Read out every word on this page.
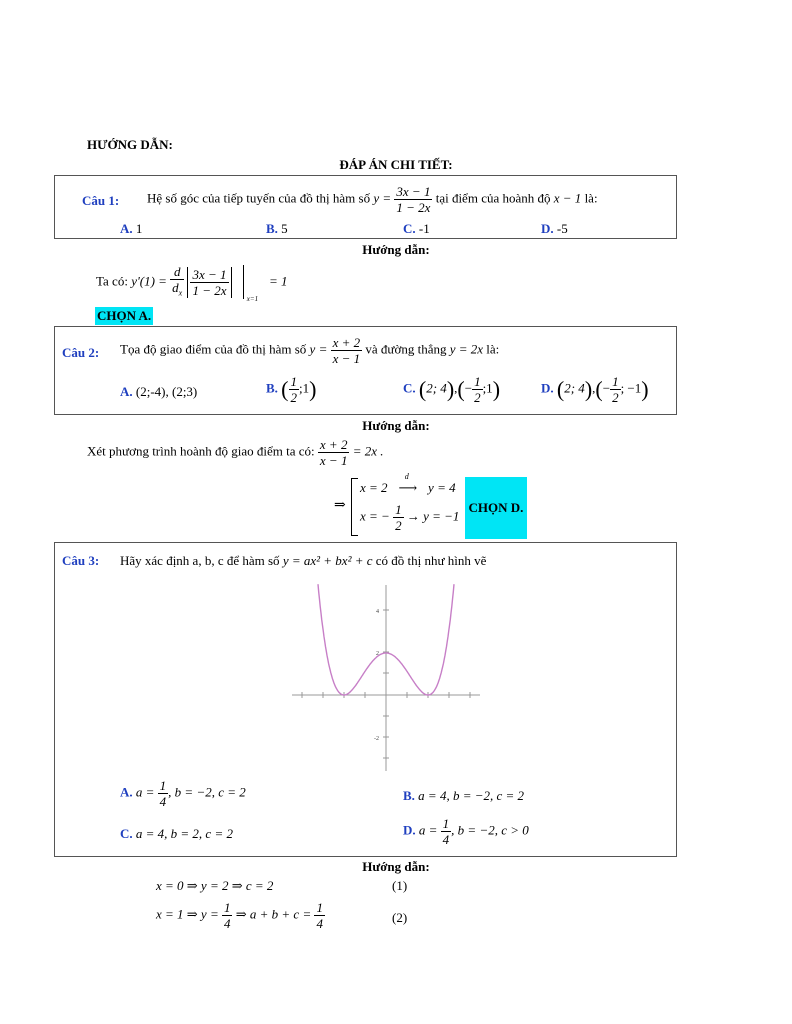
HƯỚNG DẪN:
ĐÁP ÁN CHI TIẾT:
Câu 1: Hệ số góc của tiếp tuyến của đồ thị hàm số $y = \frac{3x - 1}{1 - 2x}$ tại điểm của hoành độ x − 1 là:
A. 1	B. 5	C. -1	D. -5
Hướng dẫn:
Ta có: $y'(1) = \frac{d}{d_x}$
$\frac{3x - 1}{1 - 2x}$

x=1
= 1
CHỌN A.
Câu 2: Tọa độ giao điểm của đồ thị hàm số $y = \frac{x + 2}{x - 1}$ và đường thẳng y = 2x là:
A. (2;-4), (2;3)	B. ( $\frac{1}{2}$ ;1)	C. (2; $4),(- \frac{1}{2}$ ;1)	D. (2; $4),(- \frac{1}{2}$ ; −1)
Hướng dẫn:
Xét phương trình hoành độ giao điểm ta có: $\frac{x + 2}{x - 1} = 2x$ .
⇒
x = 2
d
⟶ y = 4
x = − $\frac{1}{2} \to y = -1$
CHỌN D.
Câu 3: Hãy xác định a, b, c để hàm số y = ax² + bx² + c có đồ thị như hình vẽ
4
2
-2
A. $a = \frac{1}{4}$ , b = −2, c = 2	B. a = 4, b = −2, c = 2
C. a = 4, b = 2, c = 2	D. $a = \frac{1}{4}$ , b = −2, c > 0
Hướng dẫn:
x = 0 ⇒ y = 2 ⇒ c = 2	(1)
x = 1 ⇒ $y = \frac{1}{4}$ ⇒ $a + b + c = \frac{1}{4}$	(2)
